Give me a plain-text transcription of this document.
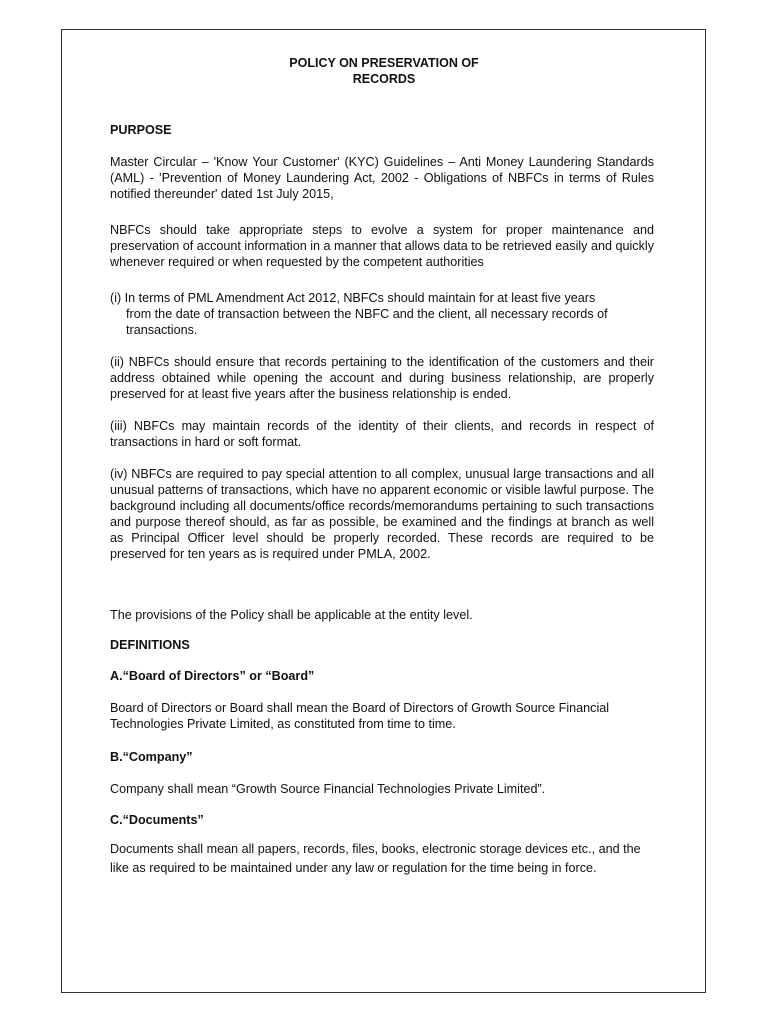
POLICY ON PRESERVATION OF
RECORDS

PURPOSE

Master Circular – 'Know Your Customer' (KYC) Guidelines – Anti Money Laundering Standards (AML) - 'Prevention of Money Laundering Act, 2002 - Obligations of NBFCs in terms of Rules notified thereunder' dated 1st July 2015,

NBFCs should take appropriate steps to evolve a system for proper maintenance and preservation of account information in a manner that allows data to be retrieved easily and quickly whenever required or when requested by the competent authorities

(i) In terms of PML Amendment Act 2012, NBFCs should maintain for at least five years
from the date of transaction between the NBFC and the client, all necessary records of transactions.

(ii) NBFCs should ensure that records pertaining to the identification of the customers and their address obtained while opening the account and during business relationship, are properly preserved for at least five years after the business relationship is ended.

(iii) NBFCs may maintain records of the identity of their clients, and records in respect of transactions in hard or soft format.

(iv) NBFCs are required to pay special attention to all complex, unusual large transactions and all unusual patterns of transactions, which have no apparent economic or visible lawful purpose. The background including all documents/office records/memorandums pertaining to such transactions and purpose thereof should, as far as possible, be examined and the findings at branch as well as Principal Officer level should be properly recorded. These records are required to be preserved for ten years as is required under PMLA, 2002.

The provisions of the Policy shall be applicable at the entity level.

DEFINITIONS

A.“Board of Directors” or “Board”

Board of Directors or Board shall mean the Board of Directors of Growth Source Financial Technologies Private Limited, as constituted from time to time.

B.“Company”

Company shall mean “Growth Source Financial Technologies Private Limited”.

C.“Documents”

Documents shall mean all papers, records, files, books, electronic storage devices etc., and the like as required to be maintained under any law or regulation for the time being in force.
